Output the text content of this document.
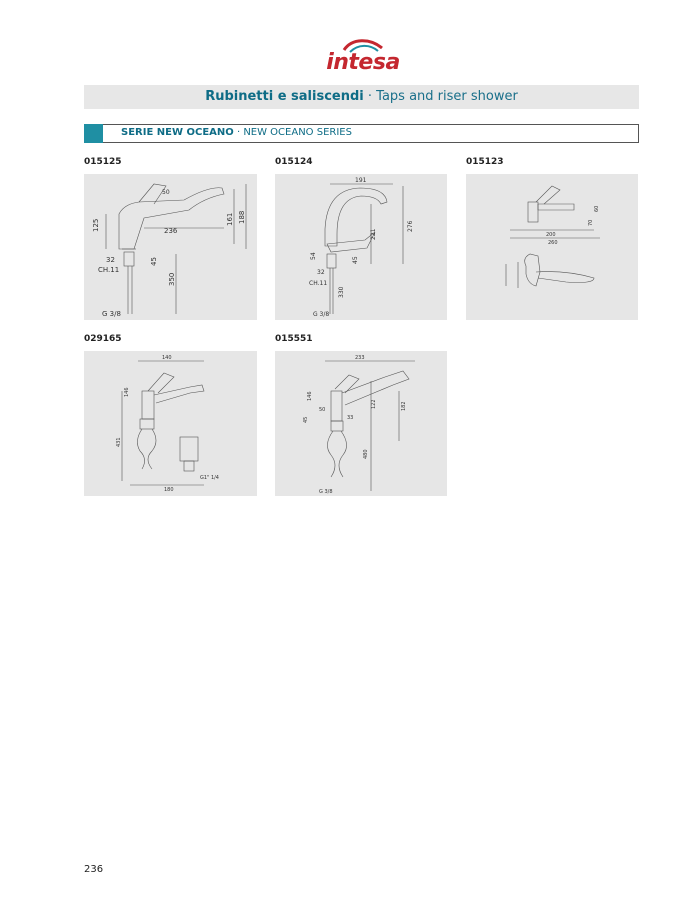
intesa
Rubinetti e saliscendi · Taps and riser shower
SERIE NEW OCEANO · NEW OCEANO SERIES
015125	015124	015123
029165	015551
125	236
161 188
50
32	45
CH.11
350
G 3/8
191
276
221
45
54
32
CH.11
330
G 3/8
200
260
60
70
140
146
431
180
G1" 1/4
233
146
50
45	33
480
182
122
G 3/8
236
